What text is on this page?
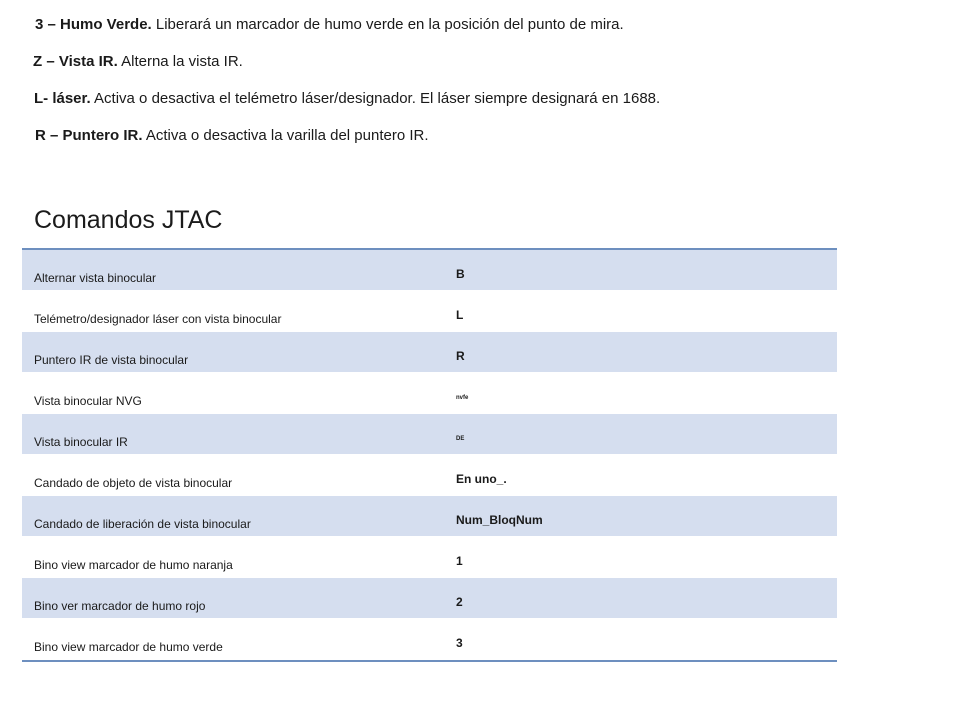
3 – Humo Verde. Liberará un marcador de humo verde en la posición del punto de mira.
Z – Vista IR. Alterna la vista IR.
L- láser. Activa o desactiva el telémetro láser/designador. El láser siempre designará en 1688.
R – Puntero IR. Activa o desactiva la varilla del puntero IR.
Comandos JTAC
Alternar vista binocular	B
Telémetro/designador láser con vista binocular	L
Puntero IR de vista binocular	R
Vista binocular NVG	nvfe
Vista binocular IR	DE
Candado de objeto de vista binocular	En uno_.
Candado de liberación de vista binocular	Num_BloqNum
Bino view marcador de humo naranja	1
Bino ver marcador de humo rojo	2
Bino view marcador de humo verde	3
